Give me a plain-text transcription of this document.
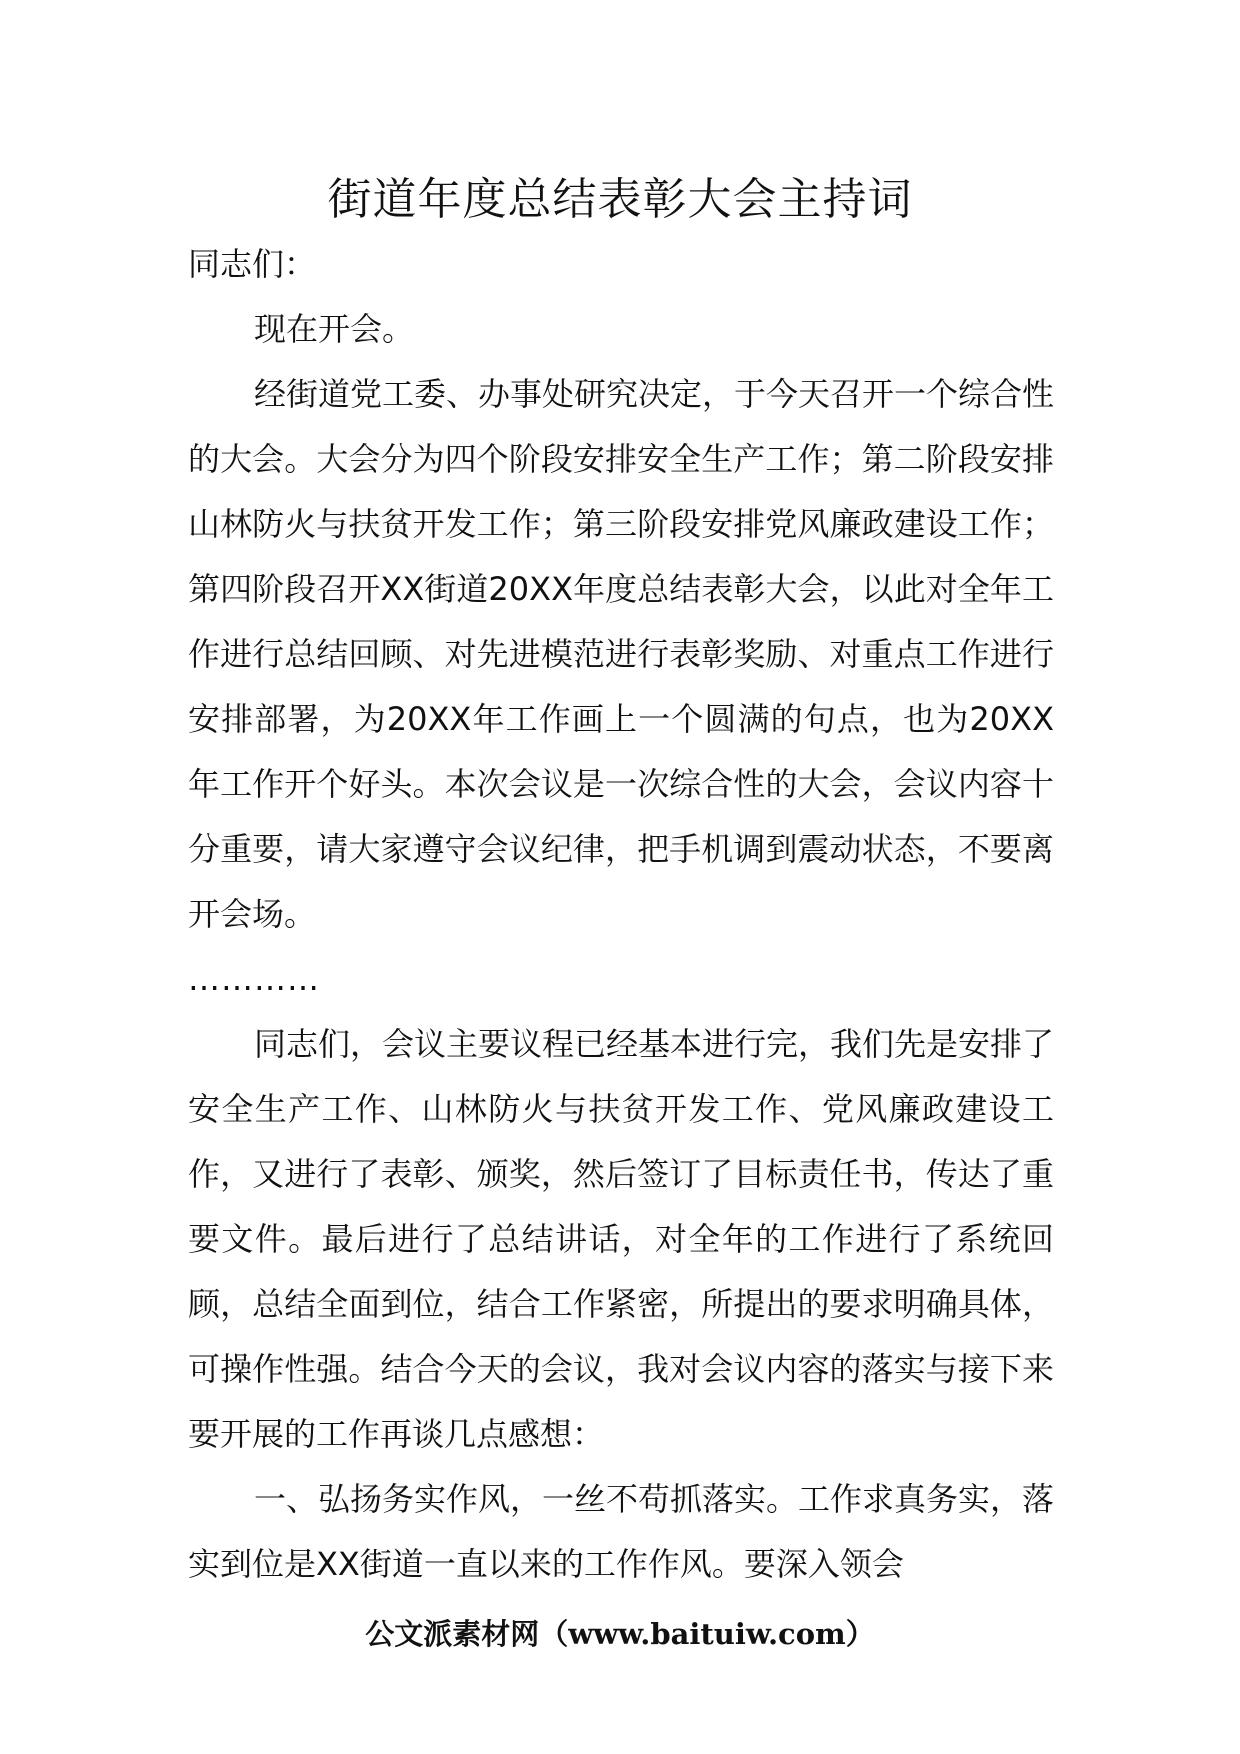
街道年度总结表彰大会主持词

同志们：

现在开会。

经街道党工委、办事处研究决定，于今天召开一个综合性的大会。大会分为四个阶段安排安全生产工作；第二阶段安排山林防火与扶贫开发工作；第三阶段安排党风廉政建设工作；第四阶段召开XX街道20XX年度总结表彰大会，以此对全年工作进行总结回顾、对先进模范进行表彰奖励、对重点工作进行安排部署，为20XX年工作画上一个圆满的句点，也为20XX年工作开个好头。本次会议是一次综合性的大会，会议内容十分重要，请大家遵守会议纪律，把手机调到震动状态，不要离开会场。

…………

同志们，会议主要议程已经基本进行完，我们先是安排了安全生产工作、山林防火与扶贫开发工作、党风廉政建设工作，又进行了表彰、颁奖，然后签订了目标责任书，传达了重要文件。最后进行了总结讲话，对全年的工作进行了系统回顾，总结全面到位，结合工作紧密，所提出的要求明确具体，可操作性强。结合今天的会议，我对会议内容的落实与接下来要开展的工作再谈几点感想：

一、弘扬务实作风，一丝不苟抓落实。工作求真务实，落实到位是XX街道一直以来的工作作风。要深入领会

公文派素材网（www.baituiw.com）
